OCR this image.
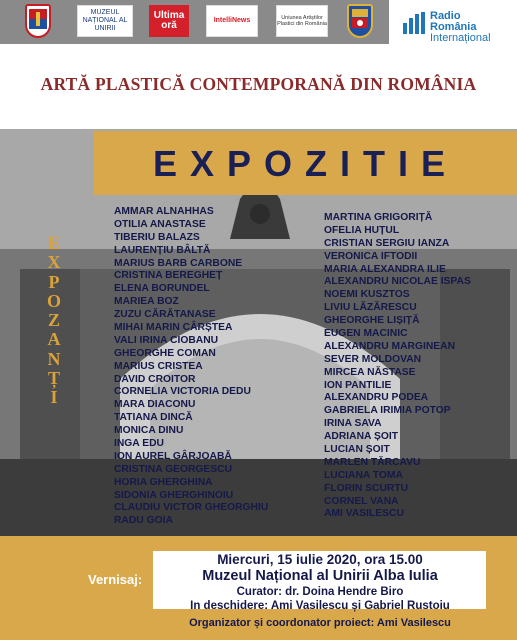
MUZEUL NAȚIONAL AL UNIRII
Ultima oră	IntelliNews	Uniunea Artiștilor Plastici din România
Radio
România
Internațional
ARTĂ PLASTICĂ CONTEMPORANĂ DIN ROMÂNIA
EXPOZITIE
E
X
P
O
Z
A
N
Ț
I
AMMAR ALNAHHAS
OTILIA ANASTASE
TIBERIU BALAZS
LAURENȚIU BÂLTĂ
MARIUS BARB CARBONE
CRISTINA BEREGHEȚ
ELENA BORUNDEL
MARIEA BOZ
ZUZU CĂRĂTANASE
MIHAI MARIN CÂRȘTEA
VALI IRINA CIOBANU
GHEORGHE COMAN
MARIUS CRISTEA
DAVID CROITOR
CORNELIA VICTORIA DEDU
MARA DIACONU
TATIANA DINCĂ
MONICA DINU
INGA EDU
ION AUREL GÂRJOABĂ
CRISTINA GEORGESCU
HORIA GHERGHINA
SIDONIA GHERGHINOIU
CLAUDIU VICTOR GHEORGHIU
RADU GOIA
MARTINA GRIGORIȚĂ
OFELIA HUȚUL
CRISTIAN SERGIU IANZA
VERONICA IFTODII
MARIA ALEXANDRA ILIE
ALEXANDRU NICOLAE ISPAS
NOEMI KUSZTOS
LIVIU LĂZĂRESCU
GHEORGHE LIȘIȚĂ
EUGEN MACINIC
ALEXANDRU MARGINEAN
SEVER MOLDOVAN
MIRCEA NĂSTASE
ION PANTILIE
ALEXANDRU PODEA
GABRIELA IRIMIA POTOP
IRINA SAVA
ADRIANA ȘOIT
LUCIAN ȘOIT
MARLEN TĂRCAVU
LUCIANA TOMA
FLORIN SCURTU
CORNEL VANA
AMI VASILESCU
Vernisaj:
Miercuri, 15 iulie 2020, ora 15.00
Muzeul Național al Unirii Alba Iulia
Curator: dr. Doina Hendre Biro
In deschidere: Ami Vasilescu și Gabriel Rustoiu
Organizator și coordonator proiect: Ami Vasilescu
